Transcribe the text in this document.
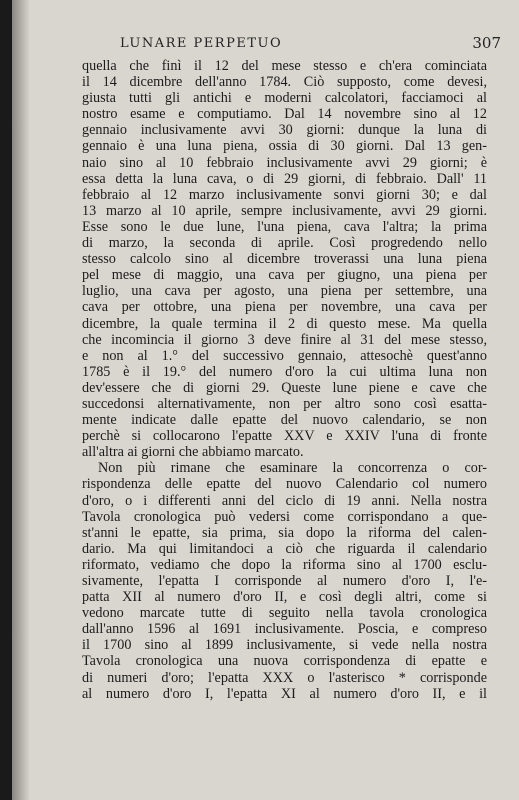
LUNARE PERPETUO	307

quella che finì il 12 del mese stesso e ch'era cominciata

il 14 dicembre dell'anno 1784. Ciò supposto, come devesi,

giusta tutti gli antichi e moderni calcolatori, facciamoci al

nostro esame e computiamo. Dal 14 novembre sino al 12

gennaio inclusivamente avvi 30 giorni: dunque la luna di

gennaio è una luna piena, ossia di 30 giorni. Dal 13 gen-

naio sino al 10 febbraio inclusivamente avvi 29 giorni; è

essa detta la luna cava, o di 29 giorni, di febbraio. Dall' 11

febbraio al 12 marzo inclusivamente sonvi giorni 30; e dal

13 marzo al 10 aprile, sempre inclusivamente, avvi 29 giorni.

Esse sono le due lune, l'una piena, cava l'altra; la prima

di marzo, la seconda di aprile. Così progredendo nello

stesso calcolo sino al dicembre troverassi una luna piena

pel mese di maggio, una cava per giugno, una piena per

luglio, una cava per agosto, una piena per settembre, una

cava per ottobre, una piena per novembre, una cava per

dicembre, la quale termina il 2 di questo mese. Ma quella

che incomincia il giorno 3 deve finire al 31 del mese stesso,

e non al 1.° del successivo gennaio, attesochè quest'anno

1785 è il 19.° del numero d'oro la cui ultima luna non

dev'essere che di giorni 29. Queste lune piene e cave che

succedonsi alternativamente, non per altro sono così esatta-

mente indicate dalle epatte del nuovo calendario, se non

perchè si collocarono l'epatte XXV e XXIV l'una di fronte

all'altra ai giorni che abbiamo marcato.

Non più rimane che esaminare la concorrenza o cor-

rispondenza delle epatte del nuovo Calendario col numero

d'oro, o i differenti anni del ciclo di 19 anni. Nella nostra

Tavola cronologica può vedersi come corrispondano a que-

st'anni le epatte, sia prima, sia dopo la riforma del calen-

dario. Ma qui limitandoci a ciò che riguarda il calendario

riformato, vediamo che dopo la riforma sino al 1700 esclu-

sivamente, l'epatta I corrisponde al numero d'oro I, l'e-

patta XII al numero d'oro II, e così degli altri, come si

vedono marcate tutte di seguito nella tavola cronologica

dall'anno 1596 al 1691 inclusivamente. Poscia, e compreso

il 1700 sino al 1899 inclusivamente, si vede nella nostra

Tavola cronologica una nuova corrispondenza di epatte e

di numeri d'oro; l'epatta XXX o l'asterisco * corrisponde

al numero d'oro I, l'epatta XI al numero d'oro II, e il
